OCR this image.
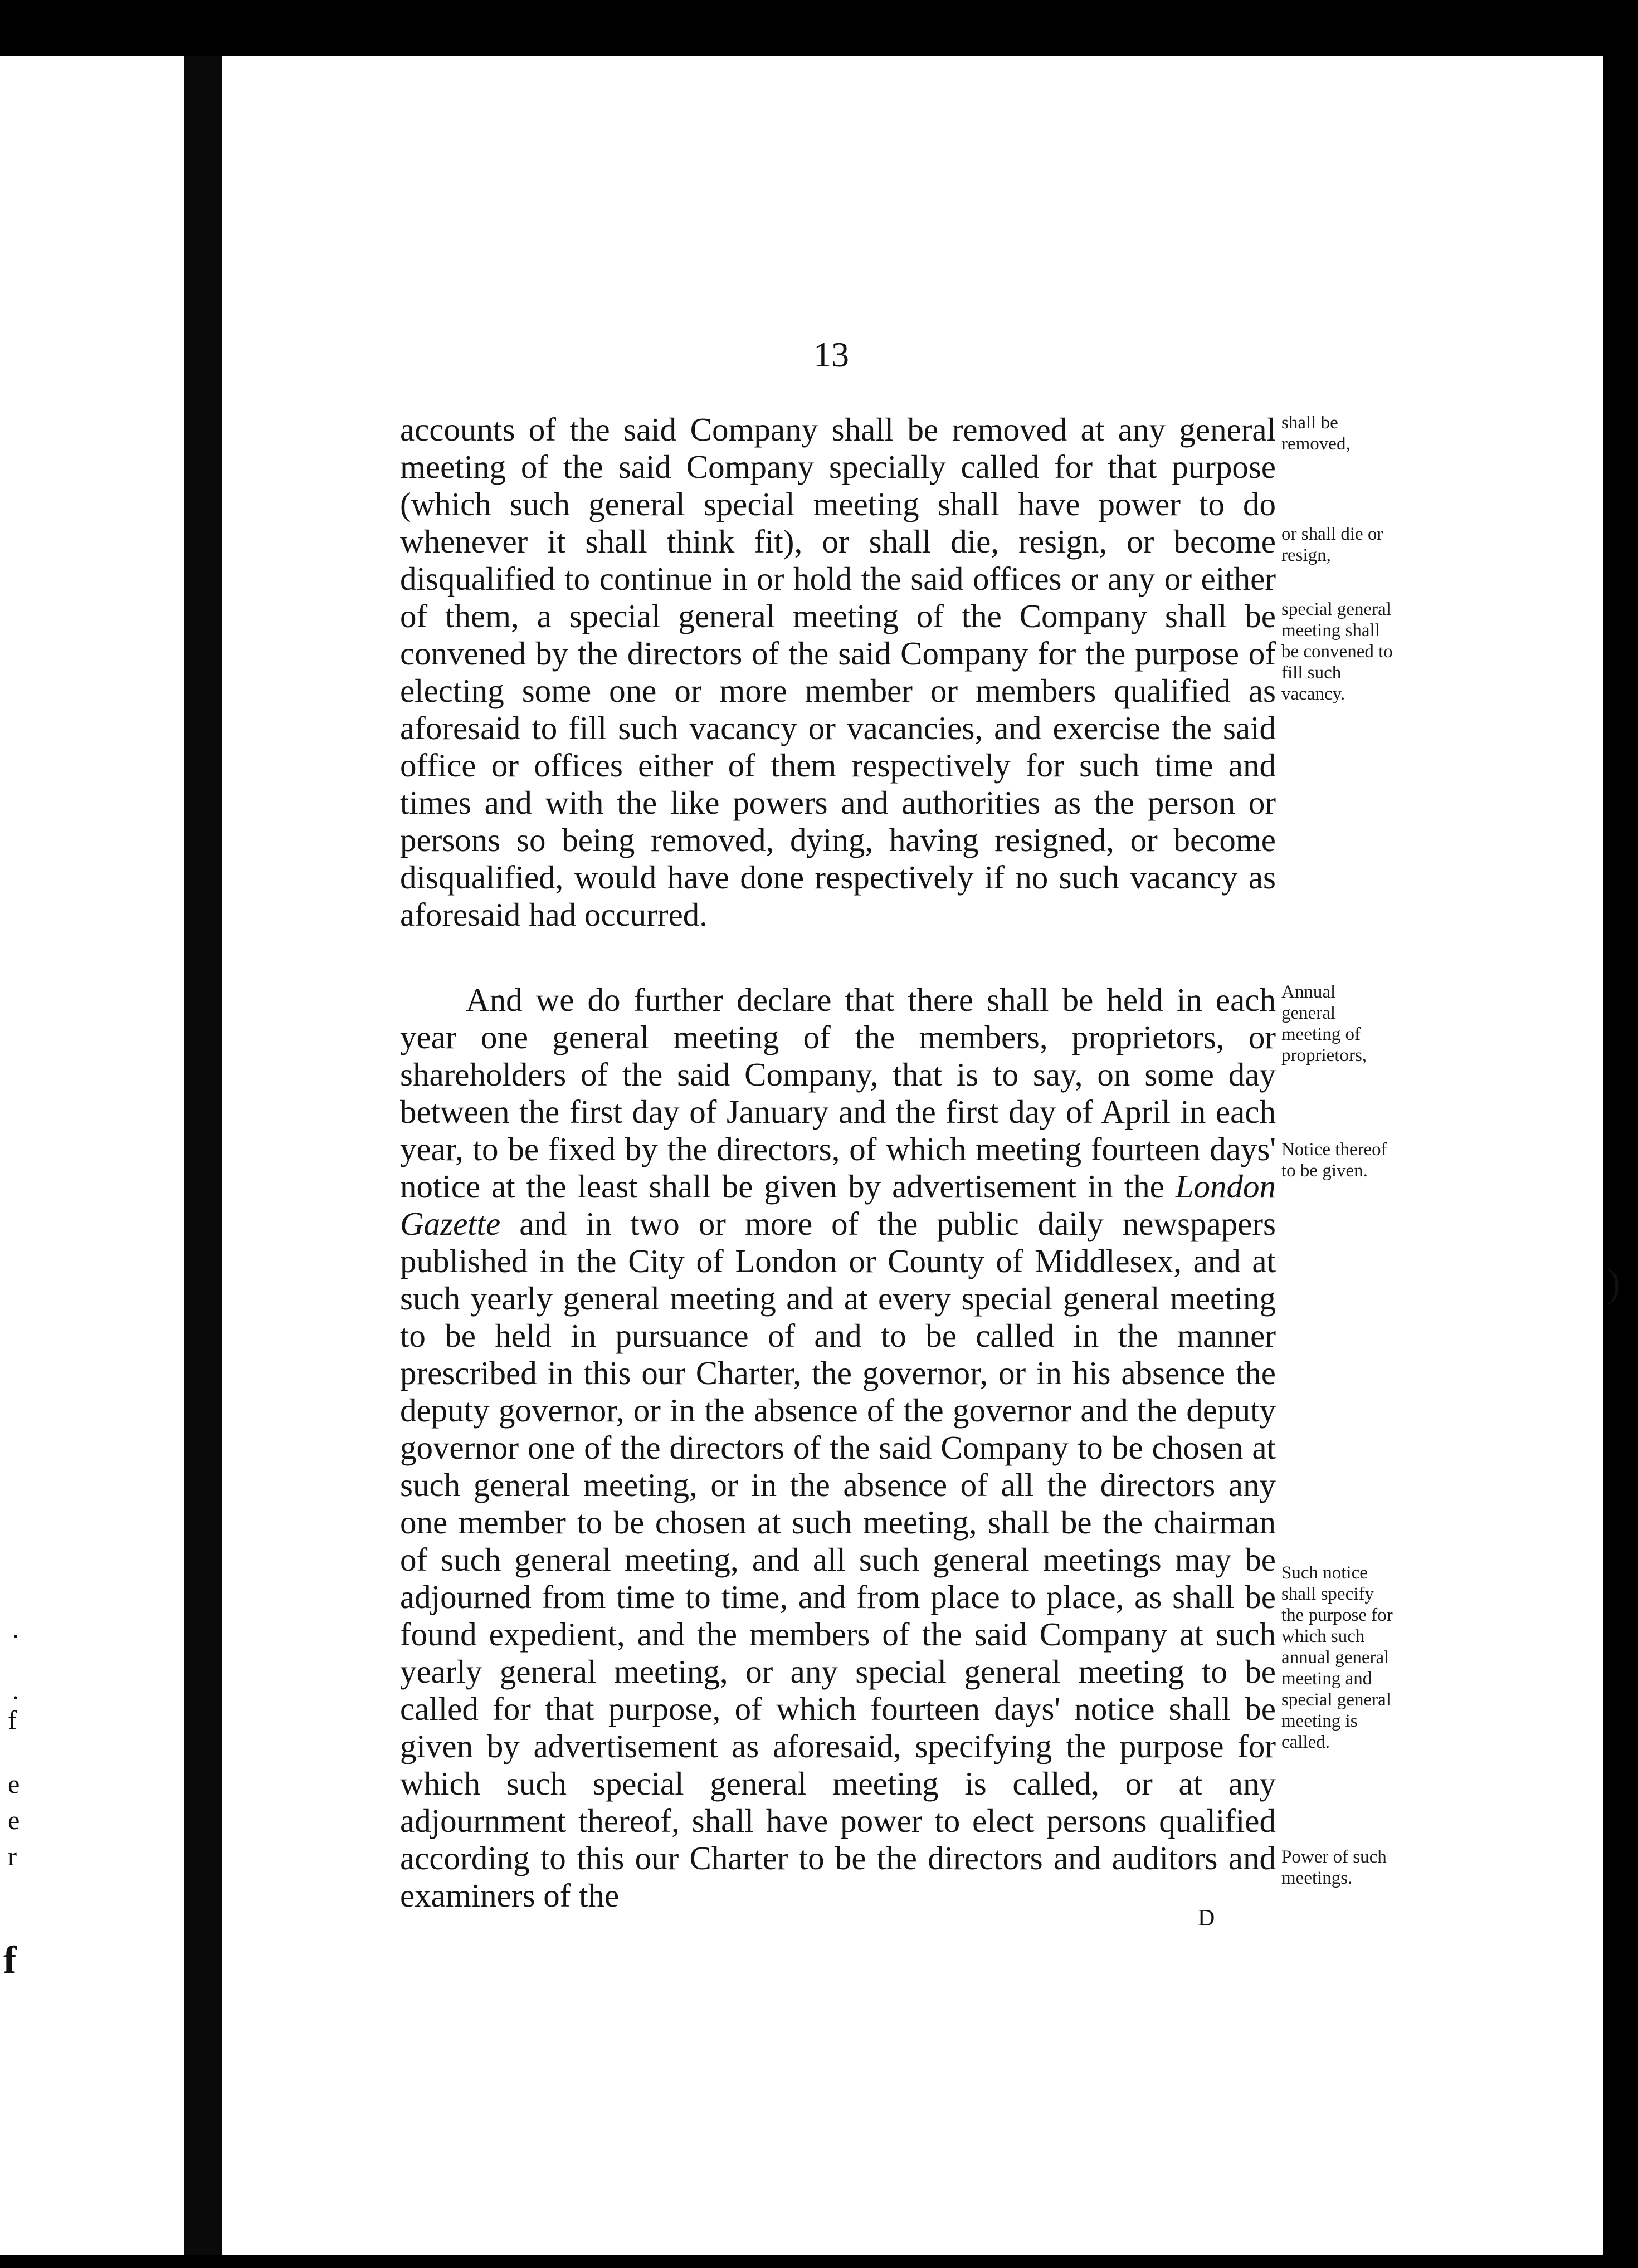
·
·
f
e
e
r
f
13

accounts of the said Company shall be removed at any general meeting of the said Company specially called for that purpose (which such general special meeting shall have power to do whenever it shall think fit), or shall die, resign, or become disqualified to continue in or hold the said offices or any or either of them, a special general meeting of the Company shall be convened by the directors of the said Company for the purpose of electing some one or more member or members qualified as aforesaid to fill such vacancy or vacancies, and exercise the said office or offices either of them respectively for such time and times and with the like powers and authorities as the person or persons so being removed, dying, having resigned, or become disqualified, would have done respectively if no such vacancy as aforesaid had occurred.

And we do further declare that there shall be held in each year one general meeting of the members, proprietors, or shareholders of the said Company, that is to say, on some day between the first day of January and the first day of April in each year, to be fixed by the directors, of which meeting fourteen days' notice at the least shall be given by advertisement in the London Gazette and in two or more of the public daily newspapers published in the City of London or County of Middlesex, and at such yearly general meeting and at every special general meeting to be held in pursuance of and to be called in the manner prescribed in this our Charter, the governor, or in his absence the deputy governor, or in the absence of the governor and the deputy governor one of the directors of the said Company to be chosen at such general meeting, or in the absence of all the directors any one member to be chosen at such meeting, shall be the chairman of such general meeting, and all such general meetings may be adjourned from time to time, and from place to place, as shall be found expedient, and the members of the said Company at such yearly general meeting, or any special general meeting to be called for that purpose, of which fourteen days' notice shall be given by advertisement as aforesaid, specifying the purpose for which such special general meeting is called, or at any adjournment thereof, shall have power to elect persons qualified according to this our Charter to be the directors and auditors and examiners of the

shall be removed,

or shall die or resign,

special general meeting shall be convened to fill such vacancy.

Annual general meeting of proprietors,

Notice thereof to be given.

Such notice shall specify the purpose for which such annual general meeting and special general meeting is called.

Power of such meetings.

D
)
